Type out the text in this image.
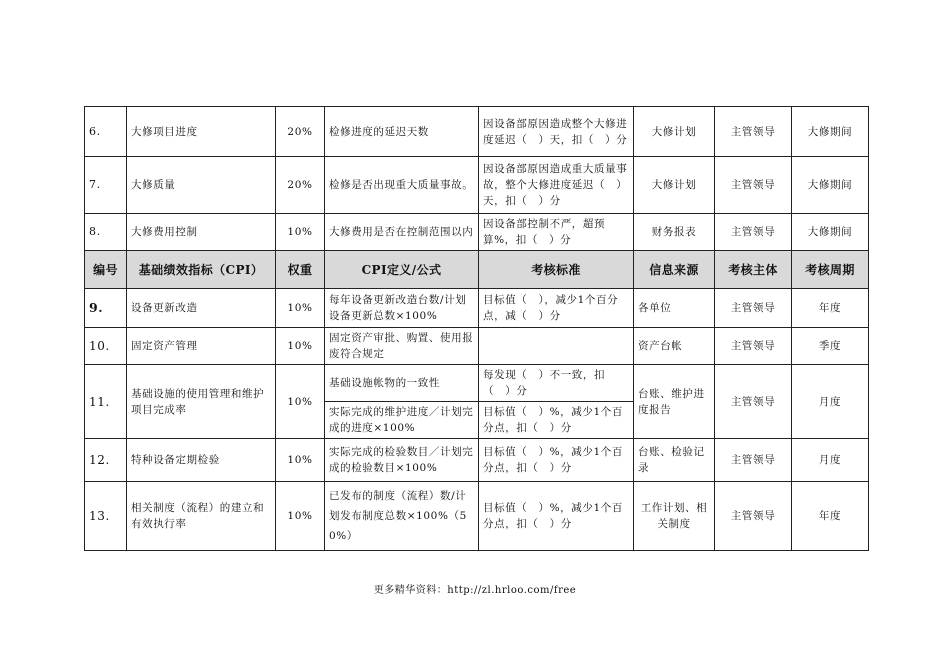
6.	大修项目进度	20%	检修进度的延迟天数	因设备部原因造成整个大修进度延迟（　）天，扣（　）分	大修计划	主管领导	大修期间
7.	大修质量	20%	检修是否出现重大质量事故。	因设备部原因造成重大质量事故，整个大修进度延迟（　）天，扣（　）分	大修计划	主管领导	大修期间
8.	大修费用控制	10%	大修费用是否在控制范围以内	因设备部控制不严，超预算%，扣（　）分	财务报表	主管领导	大修期间
编号	基础绩效指标（CPI）	权重	CPI定义/公式	考核标准	信息来源	考核主体	考核周期
9.	设备更新改造	10%	每年设备更新改造台数/计划设备更新总数×100%	目标值（　），减少1个百分点，减（　）分	各单位	主管领导	年度
10.	固定资产管理	10%	固定资产审批、购置、使用报废符合规定		资产台帐	主管领导	季度
11.	基础设施的使用管理和维护项目完成率	10%	基础设施帐物的一致性	每发现（　）不一致，扣（　）分	台账、维护进度报告	主管领导	月度
			实际完成的维护进度／计划完成的进度×100%	目标值（　）%，减少1个百分点，扣（　）分			
12.	特种设备定期检验	10%	实际完成的检验数目／计划完成的检验数目×100%	目标值（　）%，减少1个百分点，扣（　）分	台账、检验记录	主管领导	月度
13.	相关制度（流程）的建立和有效执行率	10%	已发布的制度（流程）数/计划发布制度总数×100%（50%）	目标值（　）%，减少1个百分点，扣（　）分	工作计划、相关制度	主管领导	年度
更多精华资料：http://zl.hrloo.com/free
